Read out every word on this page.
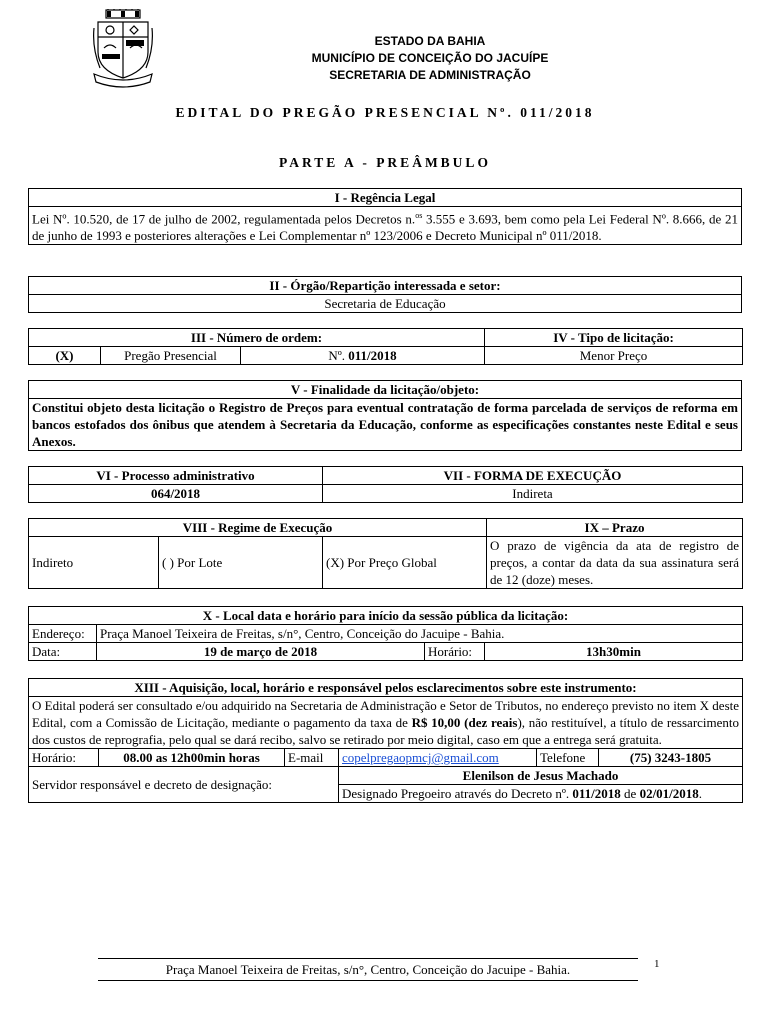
ESTADO DA BAHIA
MUNICÍPIO DE CONCEIÇÃO DO JACUÍPE
SECRETARIA DE ADMINISTRAÇÃO
EDITAL DO PREGÃO PRESENCIAL Nº. 011/2018
PARTE A - PREÂMBULO
I - Regência Legal
Lei Nº. 10.520, de 17 de julho de 2002, regulamentada pelos Decretos n.$^{os}$ 3.555 e 3.693, bem como pela Lei Federal Nº. 8.666, de 21 de junho de 1993 e posteriores alterações e Lei Complementar nº 123/2006 e Decreto Municipal nº 011/2018.
II - Órgão/Repartição interessada e setor:
Secretaria de Educação
III - Número de ordem:			IV - Tipo de licitação:
(X)	Pregão Presencial	Nº. 011/2018	Menor Preço
V - Finalidade da licitação/objeto:
Constitui objeto desta licitação o Registro de Preços para eventual contratação de forma parcelada de serviços de reforma em bancos estofados dos ônibus que atendem à Secretaria da Educação, conforme as especificações constantes neste Edital e seus Anexos.
VI - Processo administrativo	VII - FORMA DE EXECUÇÃO
064/2018	Indireta
VIII - Regime de Execução			IX – Prazo
Indireto	( ) Por Lote	(X) Por Preço Global	O prazo de vigência da ata de registro de preços, a contar da data da sua assinatura será de 12 (doze) meses.
X - Local data e horário para início da sessão pública da licitação:			
Endereço:	Praça Manoel Teixeira de Freitas, s/n°, Centro, Conceição do Jacuipe - Bahia.		
Data:	19 de março de 2018	Horário:	13h30min
XIII - Aquisição, local, horário e responsável pelos esclarecimentos sobre este instrumento:					
O Edital poderá ser consultado e/ou adquirido na Secretaria de Administração e Setor de Tributos, no endereço previsto no item X deste Edital, com a Comissão de Licitação, mediante o pagamento da taxa de R$ 10,00 (dez reais), não restituível, a título de ressarcimento dos custos de reprografia, pelo qual se dará recibo, salvo se retirado por meio digital, caso em que a entrega será gratuita.					
Horário:	08.00 as 12h00min horas	E-mail	copelpregaopmcj@gmail.com	Telefone	(75) 3243-1805
Servidor responsável e decreto de designação:			Elenilson de Jesus Machado		
			Designado Pregoeiro através do Decreto nº. 011/2018 de 02/01/2018.		
Praça Manoel Teixeira de Freitas, s/n°, Centro, Conceição do Jacuipe - Bahia.	1
